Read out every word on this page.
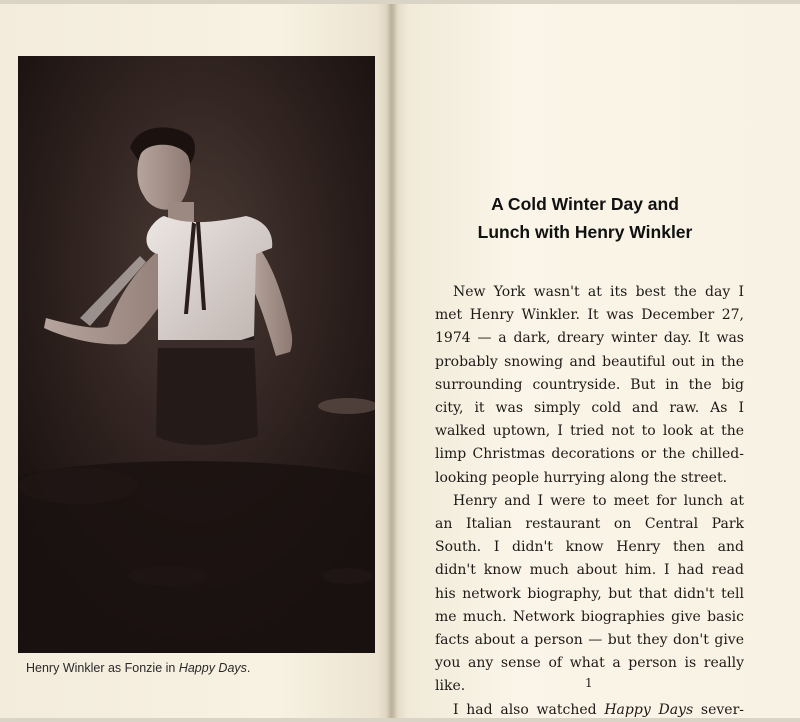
Henry Winkler as Fonzie in Happy Days.
A Cold Winter Day and
Lunch with Henry Winkler
New York wasn't at its best the day I
met Henry Winkler. It was December 27,
1974 — a dark, dreary winter day. It was
probably snowing and beautiful out in the
surrounding countryside. But in the big
city, it was simply cold and raw. As I
walked uptown, I tried not to look at the
limp Christmas decorations or the chilled-
looking people hurrying along the street.
Henry and I were to meet for lunch at
an Italian restaurant on Central Park
South. I didn't know Henry then and
didn't know much about him. I had read
his network biography, but that didn't tell
me much. Network biographies give basic
facts about a person — but they don't give
you any sense of what a person is really
like.
I had also watched Happy Days sever-
1
